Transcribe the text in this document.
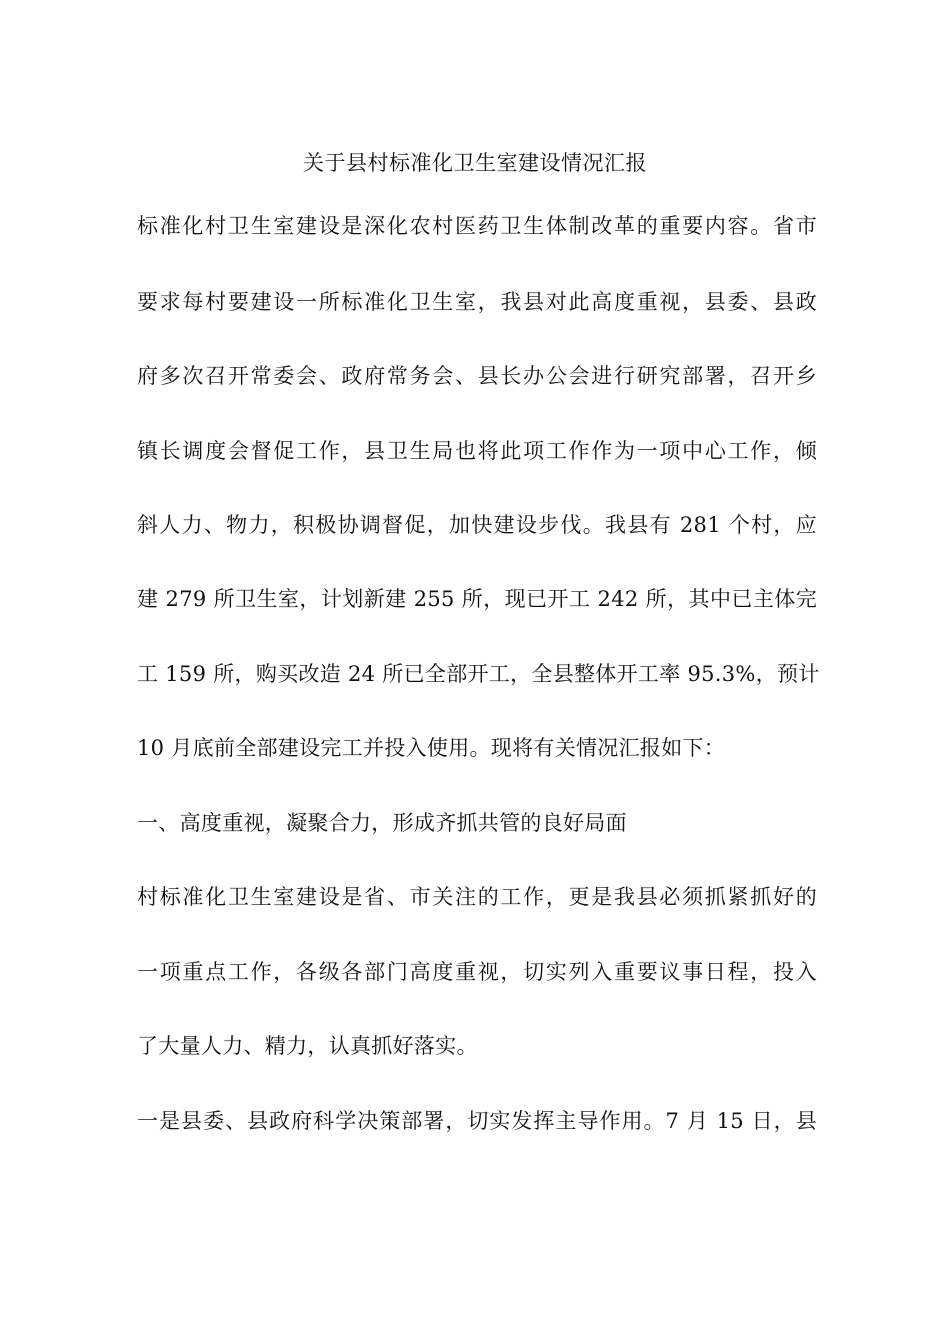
关于县村标准化卫生室建设情况汇报
标准化村卫生室建设是深化农村医药卫生体制改革的重要内容。省市
要求每村要建设一所标准化卫生室，我县对此高度重视，县委、县政
府多次召开常委会、政府常务会、县长办公会进行研究部署，召开乡
镇长调度会督促工作，县卫生局也将此项工作作为一项中心工作，倾
斜人力、物力，积极协调督促，加快建设步伐。我县有 281 个村，应
建 279 所卫生室，计划新建 255 所，现已开工 242 所，其中已主体完
工 159 所，购买改造 24 所已全部开工，全县整体开工率 95.3%，预计
10 月底前全部建设完工并投入使用。现将有关情况汇报如下：
一、高度重视，凝聚合力，形成齐抓共管的良好局面
村标准化卫生室建设是省、市关注的工作，更是我县必须抓紧抓好的
一项重点工作，各级各部门高度重视，切实列入重要议事日程，投入
了大量人力、精力，认真抓好落实。
一是县委、县政府科学决策部署，切实发挥主导作用。7 月 15 日，县
